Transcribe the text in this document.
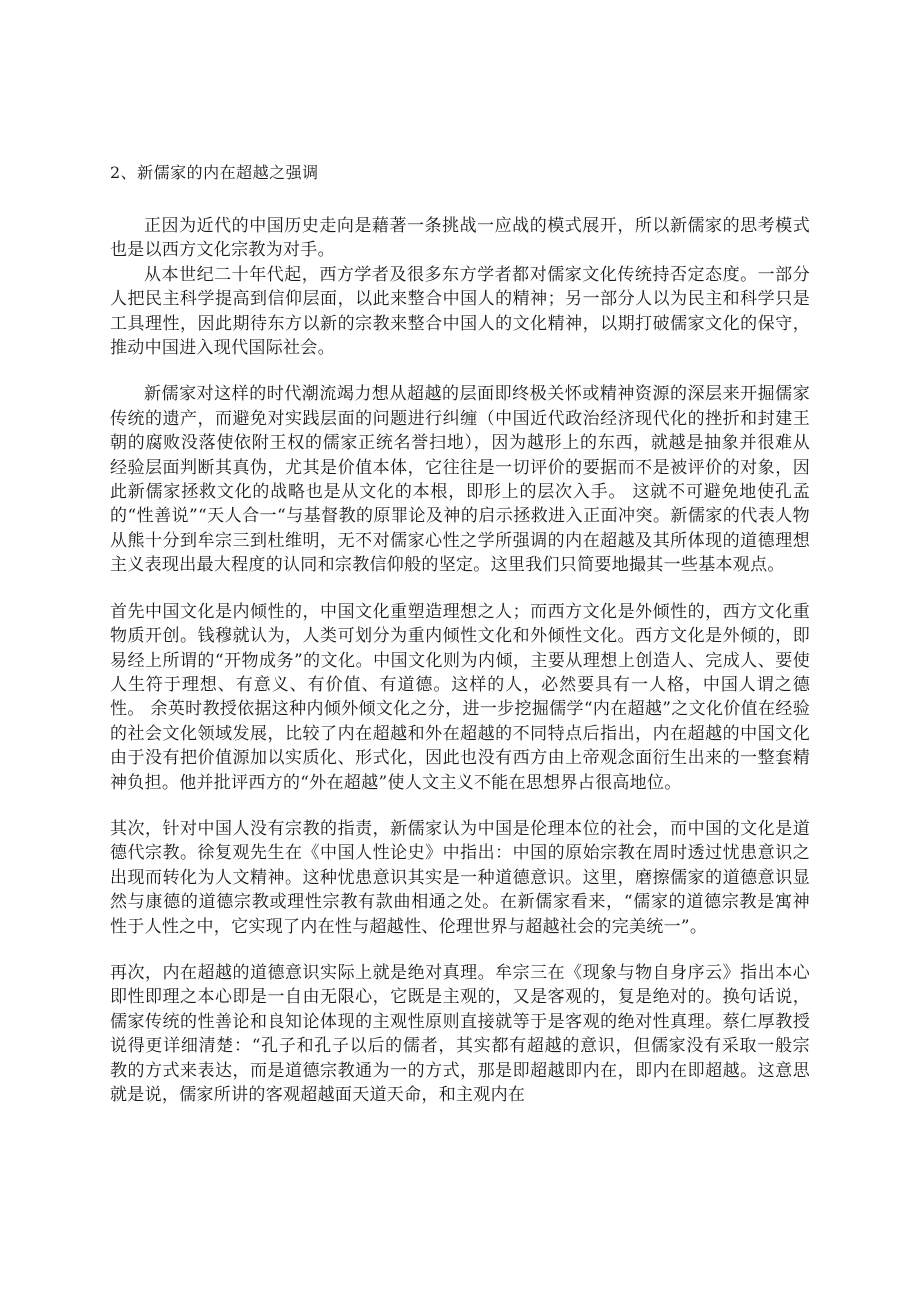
2、新儒家的内在超越之强调

正因为近代的中国历史走向是藉著一条挑战一应战的模式展开，所以新儒家的思考模式也是以西方文化宗教为对手。

从本世纪二十年代起，西方学者及很多东方学者都对儒家文化传统持否定态度。一部分人把民主科学提高到信仰层面，以此来整合中国人的精神；另一部分人以为民主和科学只是工具理性，因此期待东方以新的宗教来整合中国人的文化精神，以期打破儒家文化的保守，推动中国进入现代国际社会。

新儒家对这样的时代潮流竭力想从超越的层面即终极关怀或精神资源的深层来开掘儒家传统的遗产，而避免对实践层面的问题进行纠缠（中国近代政治经济现代化的挫折和封建王朝的腐败没落使依附王权的儒家正统名誉扫地），因为越形上的东西，就越是抽象并很难从经验层面判断其真伪，尤其是价值本体，它往往是一切评价的要据而不是被评价的对象，因此新儒家拯救文化的战略也是从文化的本根，即形上的层次入手。 这就不可避免地使孔孟的“性善说”“天人合一“与基督教的原罪论及神的启示拯救进入正面冲突。新儒家的代表人物从熊十分到牟宗三到杜维明，无不对儒家心性之学所强调的内在超越及其所体现的道德理想主义表现出最大程度的认同和宗教信仰般的坚定。这里我们只简要地撮其一些基本观点。

首先中国文化是内倾性的，中国文化重塑造理想之人；而西方文化是外倾性的，西方文化重物质开创。钱穆就认为，人类可划分为重内倾性文化和外倾性文化。西方文化是外倾的，即易经上所谓的“开物成务”的文化。中国文化则为内倾，主要从理想上创造人、完成人、要使人生符于理想、有意义、有价值、有道德。这样的人，必然要具有一人格，中国人谓之德性。 余英时教授依据这种内倾外倾文化之分，进一步挖掘儒学“内在超越”之文化价值在经验的社会文化领域发展，比较了内在超越和外在超越的不同特点后指出，内在超越的中国文化由于没有把价值源加以实质化、形式化，因此也没有西方由上帝观念面衍生出来的一整套精神负担。他并批评西方的“外在超越”使人文主义不能在思想界占很高地位。

其次，针对中国人没有宗教的指责，新儒家认为中国是伦理本位的社会，而中国的文化是道德代宗教。徐复观先生在《中国人性论史》中指出：中国的原始宗教在周时透过忧患意识之出现而转化为人文精神。这种忧患意识其实是一种道德意识。这里，磨擦儒家的道德意识显然与康德的道德宗教或理性宗教有款曲相通之处。在新儒家看来，“儒家的道德宗教是寓神性于人性之中，它实现了内在性与超越性、伦理世界与超越社会的完美统一”。

再次，内在超越的道德意识实际上就是绝对真理。牟宗三在《现象与物自身序云》指出本心即性即理之本心即是一自由无限心，它既是主观的，又是客观的，复是绝对的。换句话说，儒家传统的性善论和良知论体现的主观性原则直接就等于是客观的绝对性真理。蔡仁厚教授说得更详细清楚：“孔子和孔子以后的儒者，其实都有超越的意识，但儒家没有采取一般宗教的方式来表达，而是道德宗教通为一的方式，那是即超越即内在，即内在即超越。这意思就是说，儒家所讲的客观超越面天道天命，和主观内在
